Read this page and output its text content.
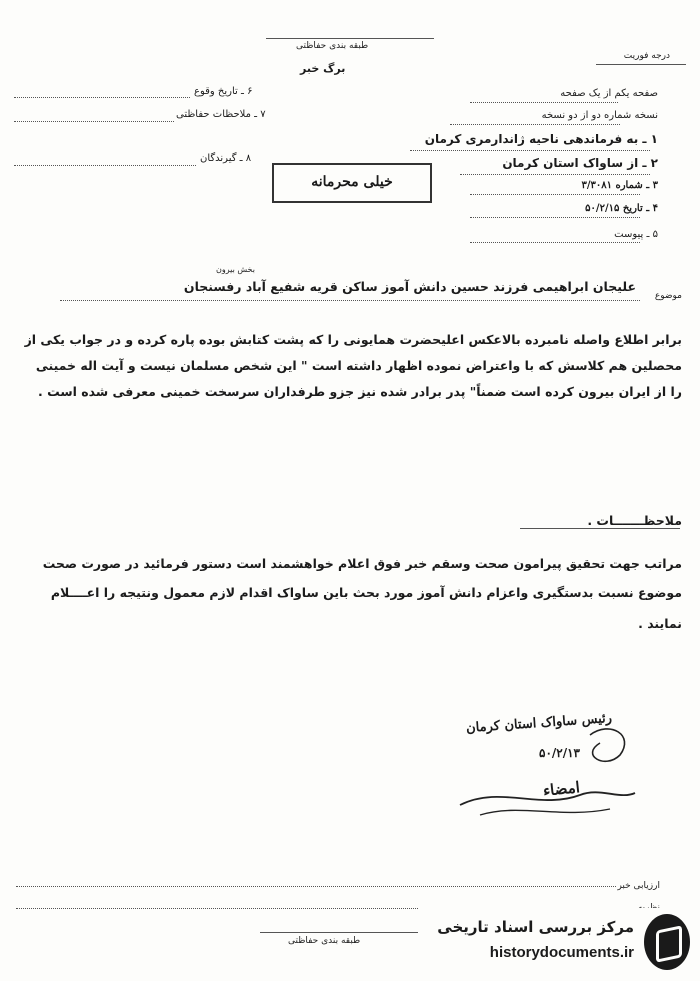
طبقه بندی حفاظتی
برگ خبر
درجه فوریت
۶ ـ تاریخ وقوع
۷ ـ ملاحظات حفاظتی
۸ ـ گیرندگان
خیلی محرمانه
صفحه یکم از یک صفحه
نسخه شماره دو از دو نسخه
۱ ـ به فرماندهی ناحیه ژاندارمری کرمان
۲ ـ از ساواک استان کرمان
۳ ـ شماره ۳/۳۰۸۱
۴ ـ تاریخ ۵۰/۲/۱۵
۵ ـ پیوست
موضوع
علیجان ابراهیمی فرزند حسین دانش آموز ساکن قریه شفیع آباد رفسنجان
بخش بیرون
برابر اطلاع واصله نامبرده بالاعکس اعلیحضرت همایونی را که پشت کتابش بوده پاره کرده و در جواب یکی از
محصلین هم کلاسش که با واعتراض نموده اظهار داشته است " این شخص مسلمان نیست و آیت اله خمینی
را از ایران بیرون کرده است ضمناً" پدر برادر شده نیز جزو طرفداران سرسخت خمینی معرفی شده است .
ملاحظـــــــات .
مراتب جهت تحقیق پیرامون صحت وسقم خبر فوق اعلام خواهشمند است دستور فرمائید در صورت صحت
موضوع نسبت بدستگیری واعزام دانش آموز مورد بحث باین ساواک اقدام لازم معمول ونتیجه را اعــــلام
نمایند .
رئیس ساواک استان کرمان
۵۰/۲/۱۳
امضاء
ارزیابی خبر
طبقه بندی حفاظتی
مرکز بررسی اسناد تاریخی
historydocuments.ir
